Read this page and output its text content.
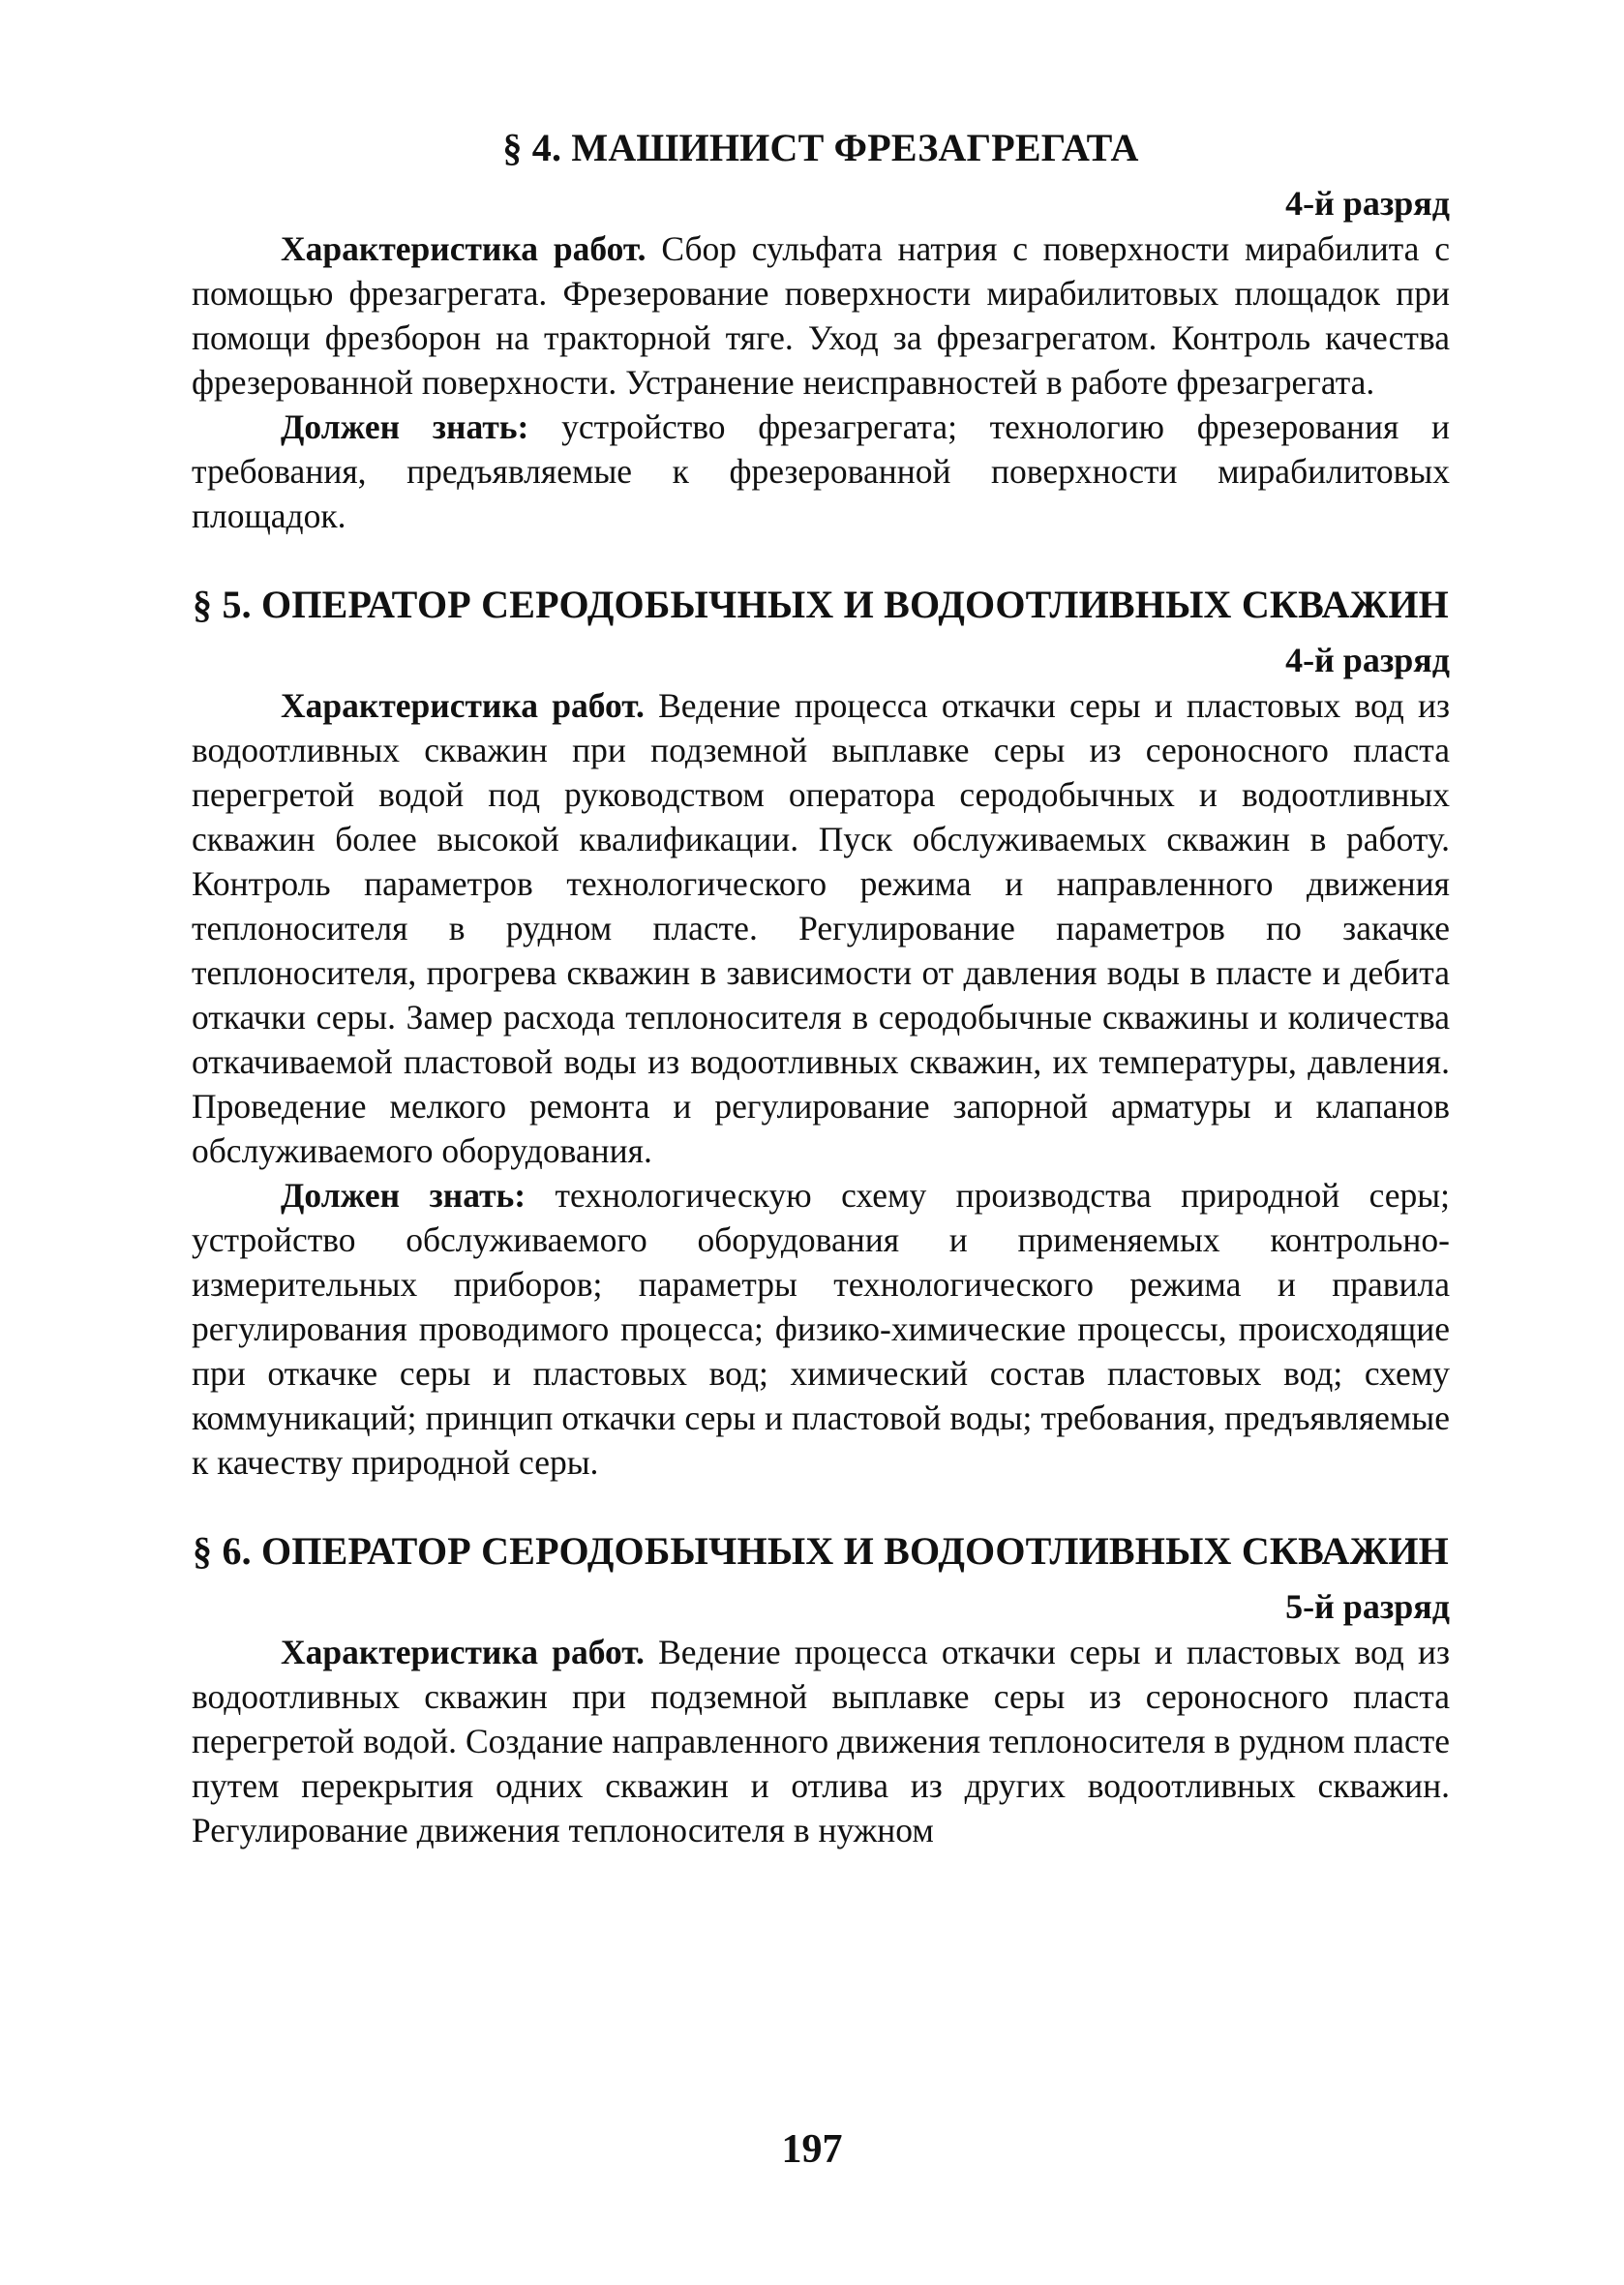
§ 4. МАШИНИСТ ФРЕЗАГРЕГАТА
4-й разряд

Характеристика работ. Сбор сульфата натрия с поверхности мирабилита с помощью фрезагрегата. Фрезерование поверхности мирабилитовых площадок при помощи фрезборон на тракторной тяге. Уход за фрезагрегатом. Контроль качества фрезерованной поверхности. Устранение неисправностей в работе фрезагрегата.

Должен знать: устройство фрезагрегата; технологию фрезерования и требования, предъявляемые к фрезерованной поверхности мирабилитовых площадок.

§ 5. ОПЕРАТОР СЕРОДОБЫЧНЫХ И ВОДООТЛИВНЫХ СКВАЖИН
4-й разряд

Характеристика работ. Ведение процесса откачки серы и пластовых вод из водоотливных скважин при подземной выплавке серы из сероносного пласта перегретой водой под руководством оператора серодобычных и водоотливных скважин более высокой квалификации. Пуск обслуживаемых скважин в работу. Контроль параметров технологического режима и направленного движения теплоносителя в рудном пласте. Регулирование параметров по закачке теплоносителя, прогрева скважин в зависимости от давления воды в пласте и дебита откачки серы. Замер расхода теплоносителя в серодобычные скважины и количества откачиваемой пластовой воды из водоотливных скважин, их температуры, давления. Проведение мелкого ремонта и регулирование запорной арматуры и клапанов обслуживаемого оборудования.

Должен знать: технологическую схему производства природной серы; устройство обслуживаемого оборудования и применяемых контрольно-измерительных приборов; параметры технологического режима и правила регулирования проводимого процесса; физико-химические процессы, происходящие при откачке серы и пластовых вод; химический состав пластовых вод; схему коммуникаций; принцип откачки серы и пластовой воды; требования, предъявляемые к качеству природной серы.

§ 6. ОПЕРАТОР СЕРОДОБЫЧНЫХ И ВОДООТЛИВНЫХ СКВАЖИН
5-й разряд

Характеристика работ. Ведение процесса откачки серы и пластовых вод из водоотливных скважин при подземной выплавке серы из сероносного пласта перегретой водой. Создание направленного движения теплоносителя в рудном пласте путем перекрытия одних скважин и отлива из других водоотливных скважин. Регулирование движения теплоносителя в нужном

197
